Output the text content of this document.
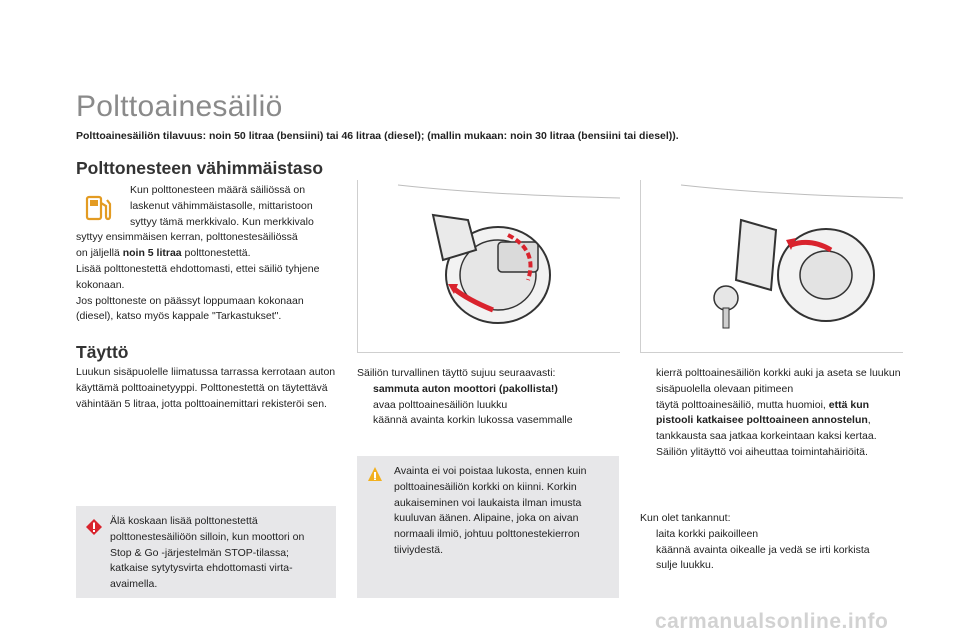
Polttoainesäiliö
Polttoainesäiliön tilavuus: noin 50 litraa (bensiini) tai 46 litraa (diesel); (mallin mukaan: noin 30 litraa (bensiini tai diesel)).
Polttonesteen vähimmäistaso

Kun polttonesteen määrä säiliössä on

laskenut vähimmäistasolle, mittaristoon

syttyy tämä merkkivalo. Kun merkkivalo

syttyy ensimmäisen kerran, polttonestesäiliössä

on jäljellä noin 5 litraa polttonestettä.

Lisää polttonestettä ehdottomasti, ettei säiliö tyhjene kokonaan.

Jos polttoneste on päässyt loppumaan kokonaan (diesel), katso myös kappale "Tarkastukset".

Täyttö
Luukun sisäpuolelle liimatussa tarrassa kerrotaan auton käyttämä polttoainetyyppi. Polttonestettä on täytettävä vähintään 5 litraa, jotta polttoainemittari rekisteröi sen.
Älä koskaan lisää polttonestettä polttonestesäiliöön silloin, kun moottori on Stop & Go -järjestelmän STOP-tilassa; katkaise sytytysvirta ehdottomasti virta-avaimella.
Säiliön turvallinen täyttö sujuu seuraavasti:
sammuta auton moottori (pakollista!)
avaa polttoainesäiliön luukku
käännä avainta korkin lukossa vasemmalle
Avainta ei voi poistaa lukosta, ennen kuin polttoainesäiliön korkki on kiinni. Korkin aukaiseminen voi laukaista ilman imusta kuuluvan äänen. Alipaine, joka on aivan normaali ilmiö, johtuu polttonestekierron tiiviydestä.
kierrä polttoainesäiliön korkki auki ja aseta se luukun sisäpuolella olevaan pitimeen
täytä polttoainesäiliö, mutta huomioi, että kun pistooli katkaisee polttoaineen annostelun, tankkausta saa jatkaa korkeintaan kaksi kertaa. Säiliön ylitäyttö voi aiheuttaa toimintahäiriöitä.
Kun olet tankannut:
laita korkki paikoilleen
käännä avainta oikealle ja vedä se irti korkista
sulje luukku.
carmanualsonline.info
